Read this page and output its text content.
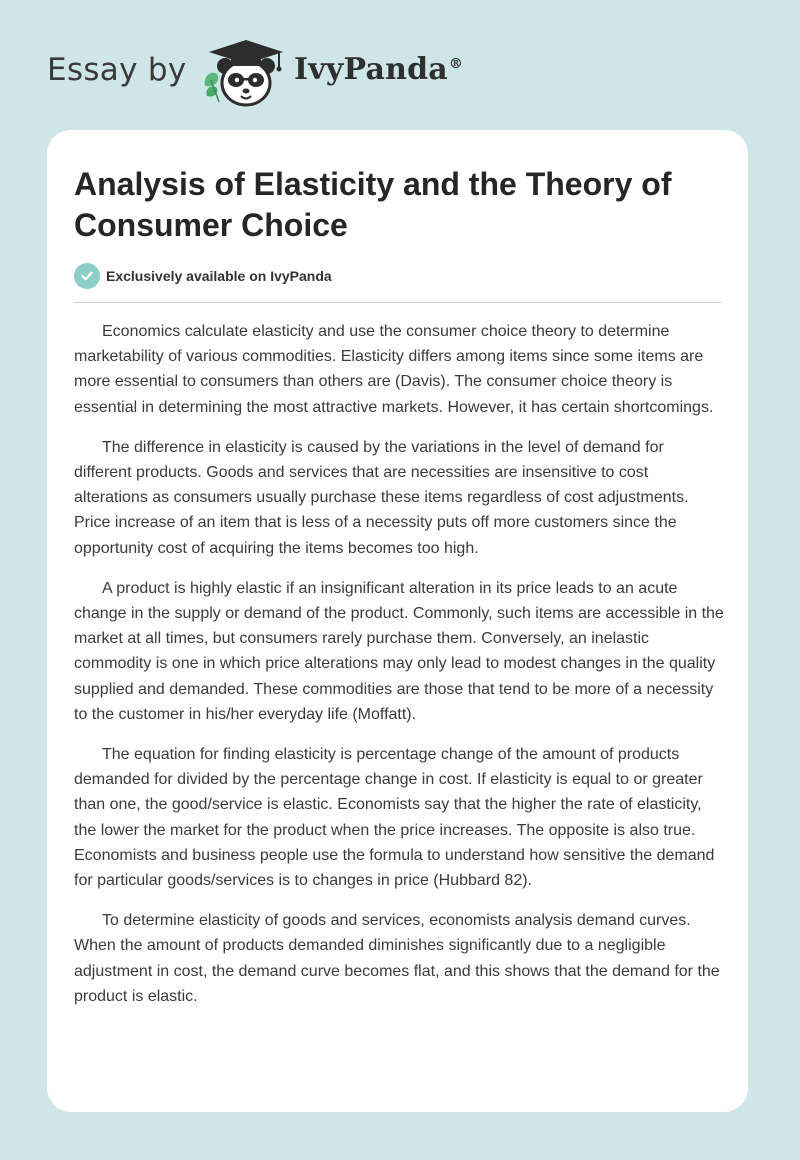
Essay by	IvyPanda®
Analysis of Elasticity and the Theory of Consumer Choice
Exclusively available on IvyPanda

Economics calculate elasticity and use the consumer choice theory to determine marketability of various commodities. Elasticity differs among items since some items are more essential to consumers than others are (Davis). The consumer choice theory is essential in determining the most attractive markets. However, it has certain shortcomings.

The difference in elasticity is caused by the variations in the level of demand for different products. Goods and services that are necessities are insensitive to cost alterations as consumers usually purchase these items regardless of cost adjustments. Price increase of an item that is less of a necessity puts off more customers since the opportunity cost of acquiring the items becomes too high.

A product is highly elastic if an insignificant alteration in its price leads to an acute change in the supply or demand of the product. Commonly, such items are accessible in the market at all times, but consumers rarely purchase them. Conversely, an inelastic commodity is one in which price alterations may only lead to modest changes in the quality supplied and demanded. These commodities are those that tend to be more of a necessity to the customer in his/her everyday life (Moffatt).

The equation for finding elasticity is percentage change of the amount of products demanded for divided by the percentage change in cost. If elasticity is equal to or greater than one, the good/service is elastic. Economists say that the higher the rate of elasticity, the lower the market for the product when the price increases. The opposite is also true. Economists and business people use the formula to understand how sensitive the demand for particular goods/services is to changes in price (Hubbard 82).

To determine elasticity of goods and services, economists analysis demand curves. When the amount of products demanded diminishes significantly due to a negligible adjustment in cost, the demand curve becomes flat, and this shows that the demand for the product is elastic.
